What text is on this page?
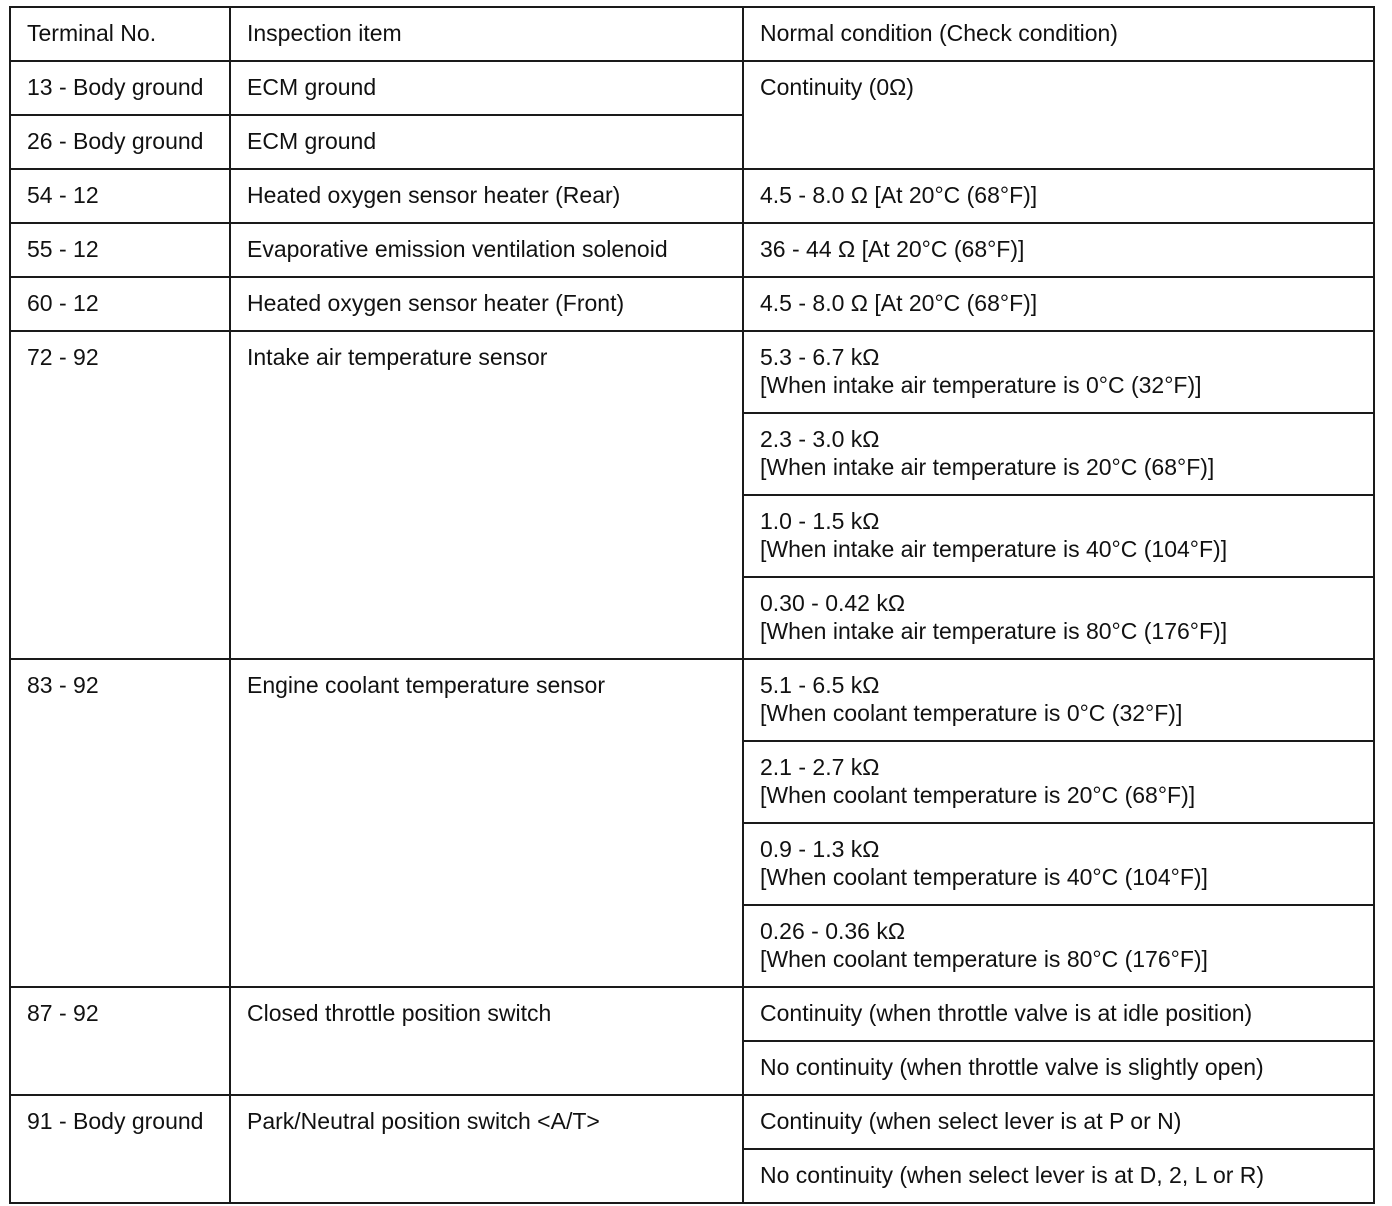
Terminal No.	Inspection item	Normal condition (Check condition)
13 - Body ground	ECM ground	Continuity (0Ω)
26 - Body ground	ECM ground	
54 - 12	Heated oxygen sensor heater (Rear)	4.5 - 8.0 Ω [At 20°C (68°F)]
55 - 12	Evaporative emission ventilation solenoid	36 - 44 Ω [At 20°C (68°F)]
60 - 12	Heated oxygen sensor heater (Front)	4.5 - 8.0 Ω [At 20°C (68°F)]
72 - 92	Intake air temperature sensor	5.3 - 6.7 kΩ
[When intake air temperature is 0°C (32°F)]

		2.3 - 3.0 kΩ
[When intake air temperature is 20°C (68°F)]

		1.0 - 1.5 kΩ
[When intake air temperature is 40°C (104°F)]

		0.30 - 0.42 kΩ
[When intake air temperature is 80°C (176°F)]

83 - 92	Engine coolant temperature sensor	5.1 - 6.5 kΩ
[When coolant temperature is 0°C (32°F)]

		2.1 - 2.7 kΩ
[When coolant temperature is 20°C (68°F)]

		0.9 - 1.3 kΩ
[When coolant temperature is 40°C (104°F)]

		0.26 - 0.36 kΩ
[When coolant temperature is 80°C (176°F)]

87 - 92	Closed throttle position switch	Continuity (when throttle valve is at idle position)
		No continuity (when throttle valve is slightly open)
91 - Body ground	Park/Neutral position switch <A/T>	Continuity (when select lever is at P or N)
		No continuity (when select lever is at D, 2, L or R)
